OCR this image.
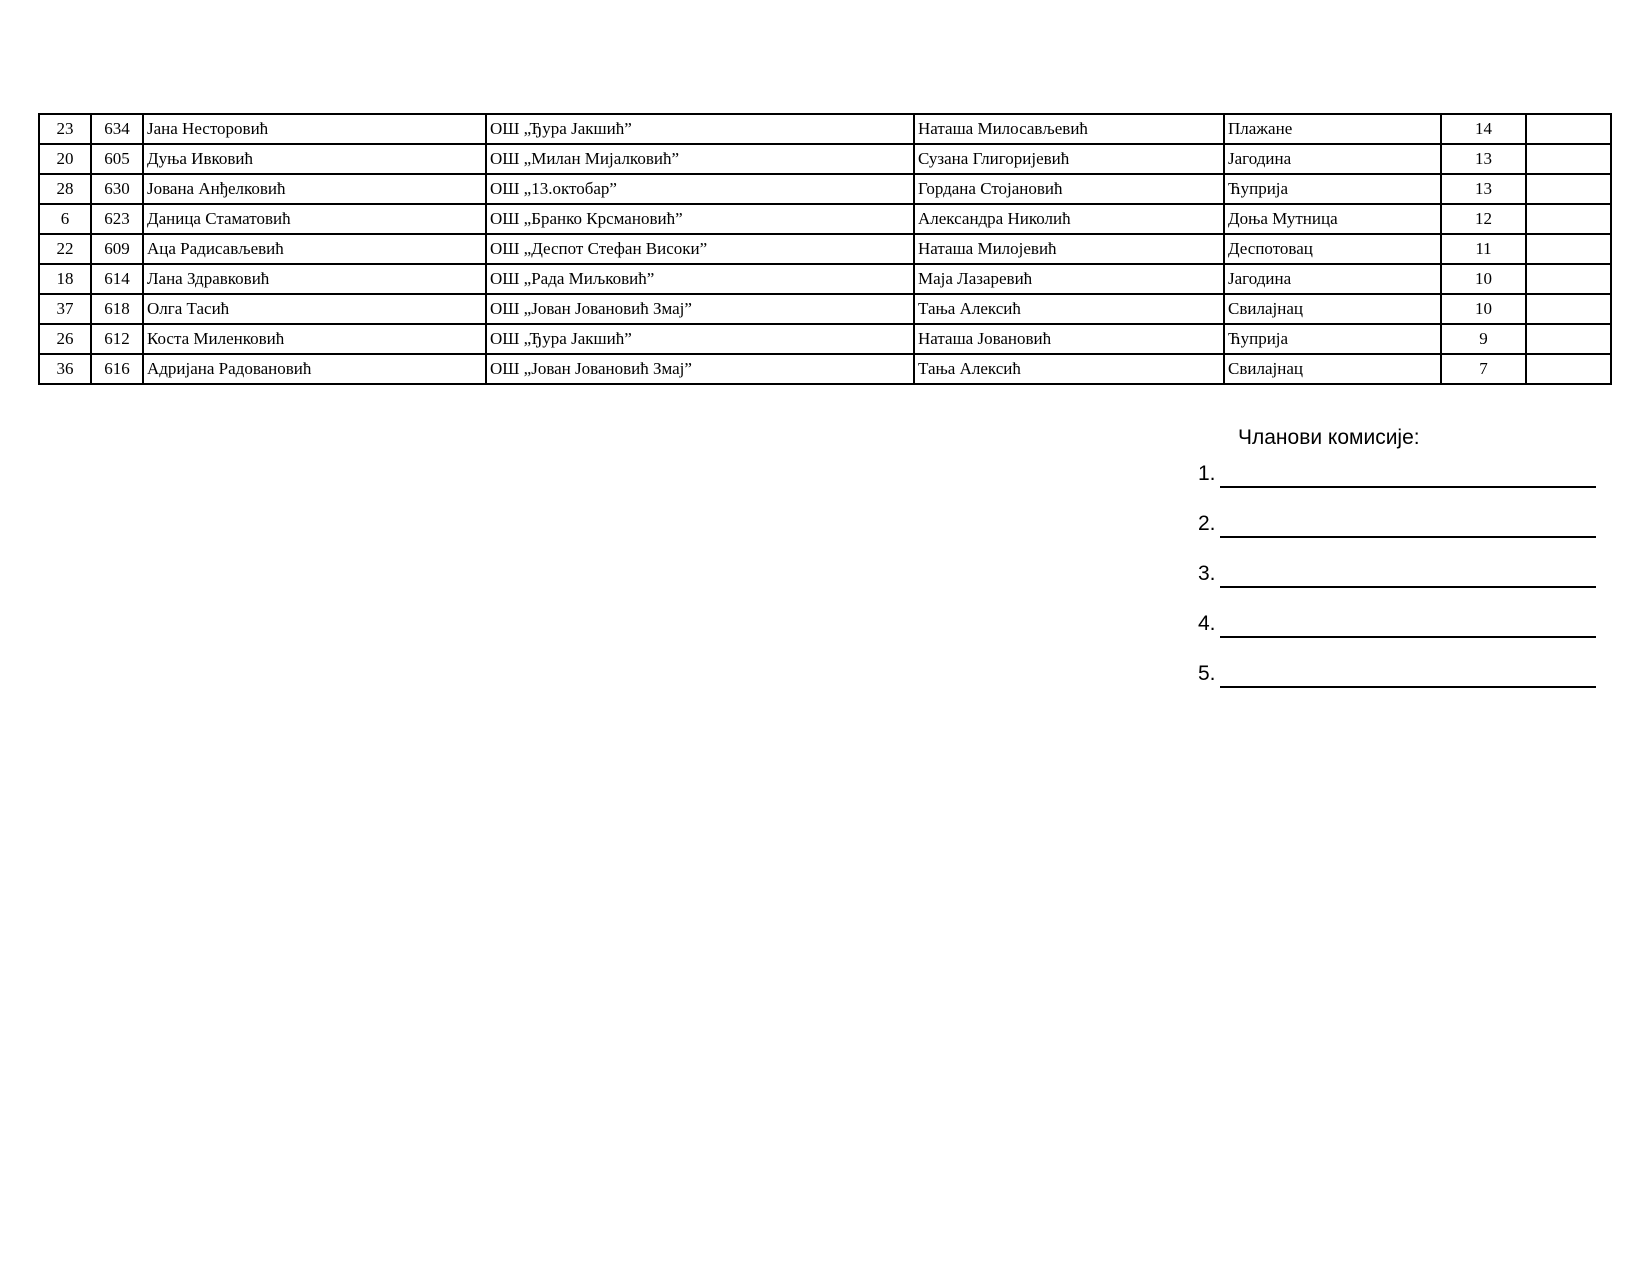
23	634	Јана Несторовић	ОШ „Ђура Јакшић”	Наташа Милосављевић	Плажане	14	
20	605	Дуња Ивковић	ОШ „Милан Мијалковић”	Сузана Глигоријевић	Јагодина	13	
28	630	Јована Анђелковић	ОШ „13.октобар”	Гордана Стојановић	Ћуприја	13	
6	623	Даница Стаматовић	ОШ „Бранко Крсмановић”	Александра Николић	Доња Мутница	12	
22	609	Аца Радисављевић	ОШ „Деспот Стефан Високи”	Наташа Милојевић	Деспотовац	11	
18	614	Лана Здравковић	ОШ „Рада Миљковић”	Маја Лазаревић	Јагодина	10	
37	618	Олга Тасић	ОШ „Јован Јовановић Змај”	Тања Алексић	Свилајнац	10	
26	612	Коста Миленковић	ОШ „Ђура Јакшић”	Наташа Јовановић	Ћуприја	9	
36	616	Адријана Радовановић	ОШ „Јован Јовановић Змај”	Тања Алексић	Свилајнац	7	
Чланови комисије:
1.
2.
3.
4.
5.
